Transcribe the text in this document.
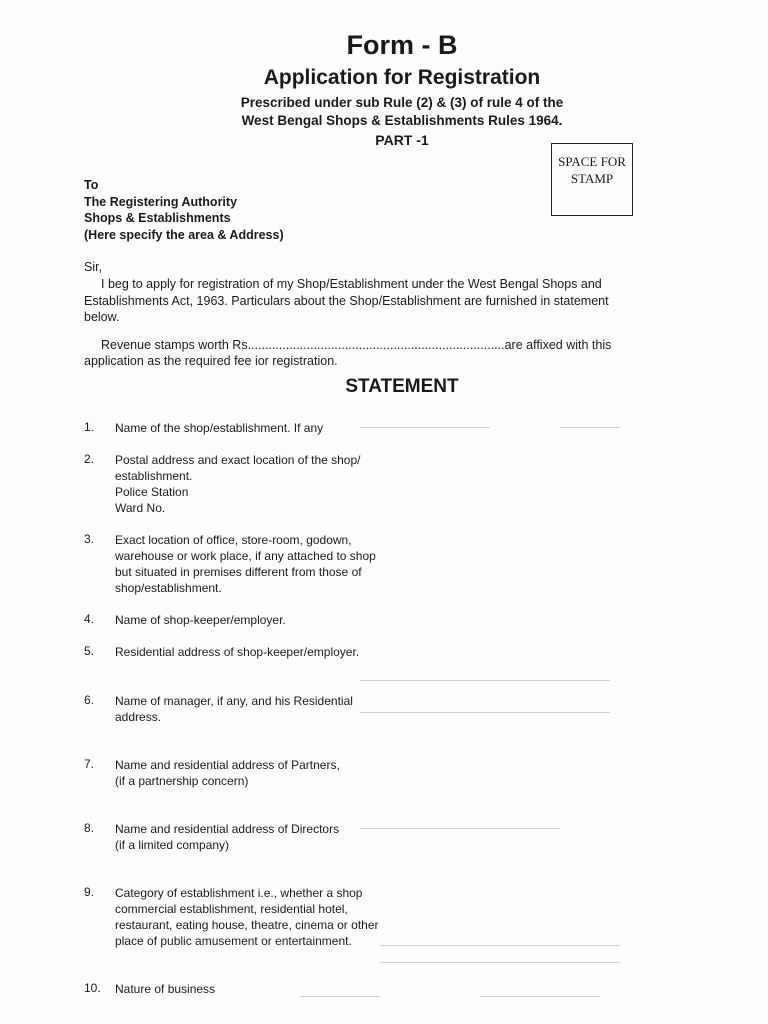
Form - B
Application for Registration
Prescribed under sub Rule (2) & (3) of rule 4 of the
West Bengal Shops & Establishments Rules 1964.
PART -1
SPACE FOR
STAMP
To
The Registering Authority
Shops & Establishments
(Here specify the area & Address)
Sir,
I beg to apply for registration of my Shop/Establishment under the West Bengal Shops and
Establishments Act, 1963. Particulars about the Shop/Establishment are furnished in statement
below.
Revenue stamps worth Rs..........................................................................are affixed with this
application as the required fee ior registration.
STATEMENT
1. Name of the shop/establishment. If any
2. Postal address and exact location of the shop/
establishment.
Police Station
Ward No.
3. Exact location of office, store-room, godown,
warehouse or work place, if any attached to shop
but situated in premises different from those of
shop/establishment.
4. Name of shop-keeper/employer.
5. Residential address of shop-keeper/employer.
6. Name of manager, if any, and his Residential
address.
7. Name and residential address of Partners,
(if a partnership concern)
8. Name and residential address of Directors
(if a limited company)
9. Category of establishment i.e., whether a shop
commercial establishment, residential hotel,
restaurant, eating house, theatre, cinema or other
place of public amusement or entertainment.
10. Nature of business
